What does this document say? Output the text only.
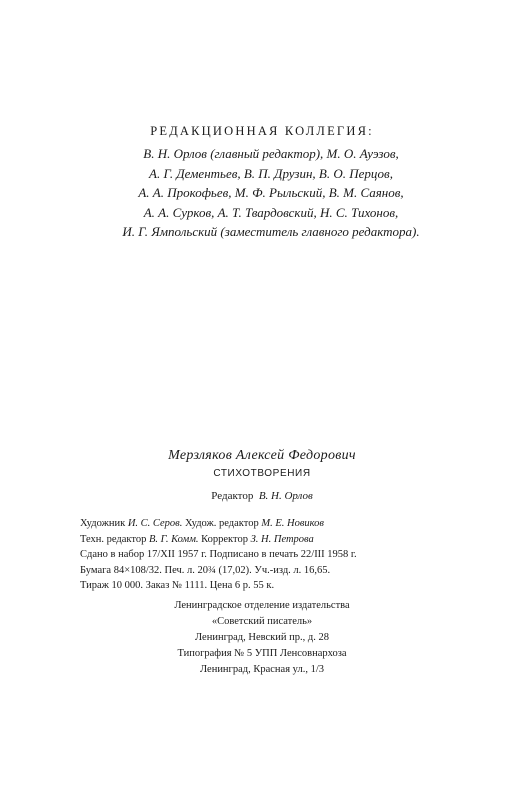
РЕДАКЦИОННАЯ КОЛЛЕГИЯ:
В. Н. Орлов (главный редактор), М. О. Ауэзов,
А. Г. Дементьев, В. П. Друзин, В. О. Перцов,
А. А. Прокофьев, М. Ф. Рыльский, В. М. Саянов,
А. А. Сурков, А. Т. Твардовский, Н. С. Тихонов,
И. Г. Ямпольский (заместитель главного редактора).
Мерзляков Алексей Федорович
СТИХОТВОРЕНИЯ
Редактор В. Н. Орлов
Художник И. С. Серов. Худож. редактор М. Е. Новиков
Техн. редактор В. Г. Комм. Корректор З. Н. Петрова
Сдано в набор 17/XII 1957 г. Подписано в печать 22/III 1958 г.
Бумага 84×108/32. Печ. л. 20¾ (17,02). Уч.-изд. л. 16,65.
Тираж 10 000. Заказ № 1111. Цена 6 р. 55 к.
Ленинградское отделение издательства
«Советский писатель»
Ленинград, Невский пр., д. 28
Типография № 5 УПП Ленсовнархоза
Ленинград, Красная ул., 1/3
